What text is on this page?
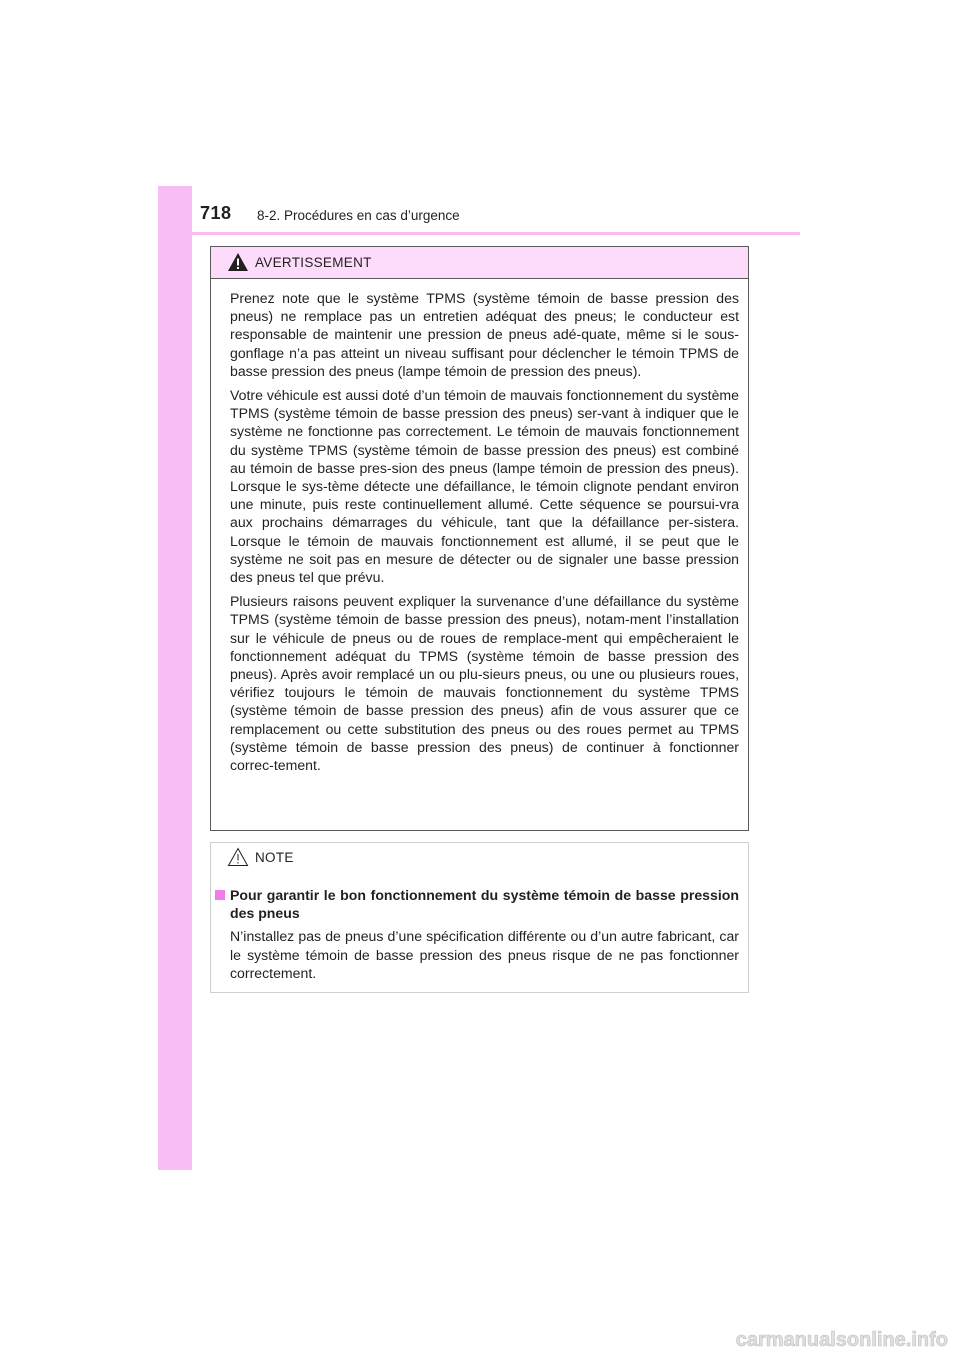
718 8-2. Procédures en cas d’urgence
AVERTISSEMENT

Prenez note que le système TPMS (système témoin de basse pression des pneus) ne remplace pas un entretien adéquat des pneus; le conducteur est responsable de maintenir une pression de pneus adé-quate, même si le sous-gonflage n’a pas atteint un niveau suffisant pour déclencher le témoin TPMS de basse pression des pneus (lampe témoin de pression des pneus).

Votre véhicule est aussi doté d’un témoin de mauvais fonctionnement du système TPMS (système témoin de basse pression des pneus) ser-vant à indiquer que le système ne fonctionne pas correctement. Le témoin de mauvais fonctionnement du système TPMS (système témoin de basse pression des pneus) est combiné au témoin de basse pres-sion des pneus (lampe témoin de pression des pneus). Lorsque le sys-tème détecte une défaillance, le témoin clignote pendant environ une minute, puis reste continuellement allumé. Cette séquence se poursui-vra aux prochains démarrages du véhicule, tant que la défaillance per-sistera. Lorsque le témoin de mauvais fonctionnement est allumé, il se peut que le système ne soit pas en mesure de détecter ou de signaler une basse pression des pneus tel que prévu.

Plusieurs raisons peuvent expliquer la survenance d’une défaillance du système TPMS (système témoin de basse pression des pneus), notam-ment l’installation sur le véhicule de pneus ou de roues de remplace-ment qui empêcheraient le fonctionnement adéquat du TPMS (système témoin de basse pression des pneus). Après avoir remplacé un ou plu-sieurs pneus, ou une ou plusieurs roues, vérifiez toujours le témoin de mauvais fonctionnement du système TPMS (système témoin de basse pression des pneus) afin de vous assurer que ce remplacement ou cette substitution des pneus ou des roues permet au TPMS (système témoin de basse pression des pneus) de continuer à fonctionner correc-tement.

NOTE

Pour garantir le bon fonctionnement du système témoin de basse pression des pneus

N’installez pas de pneus d’une spécification différente ou d’un autre fabricant, car le système témoin de basse pression des pneus risque de ne pas fonctionner correctement.

carmanualsonline.info
